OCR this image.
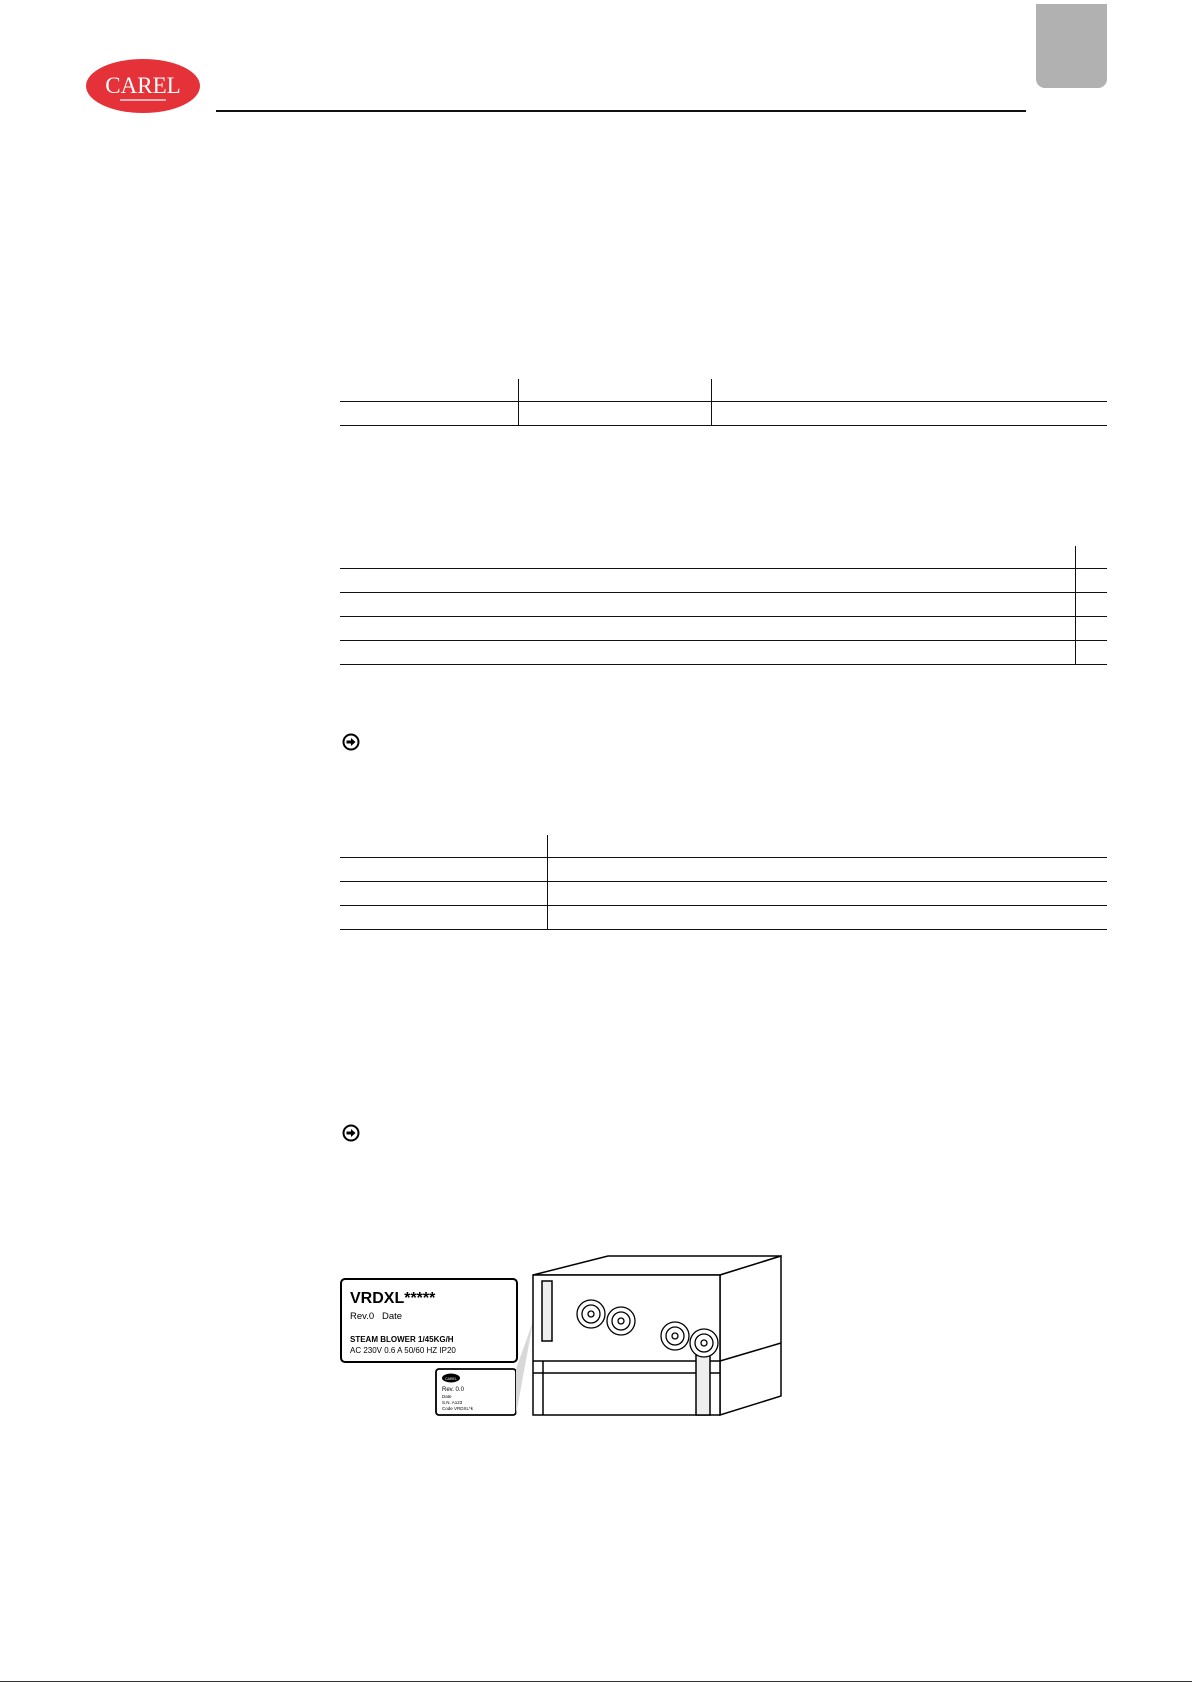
CAREL

VRDXL*****
Rev.0 Date
STEAM BLOWER 1/45KG/H
AC 230V 0.6 A 50/60 HZ IP20
CAREL
Rev. 0.0
Date
S.N. A123
Code VRDXL*k
